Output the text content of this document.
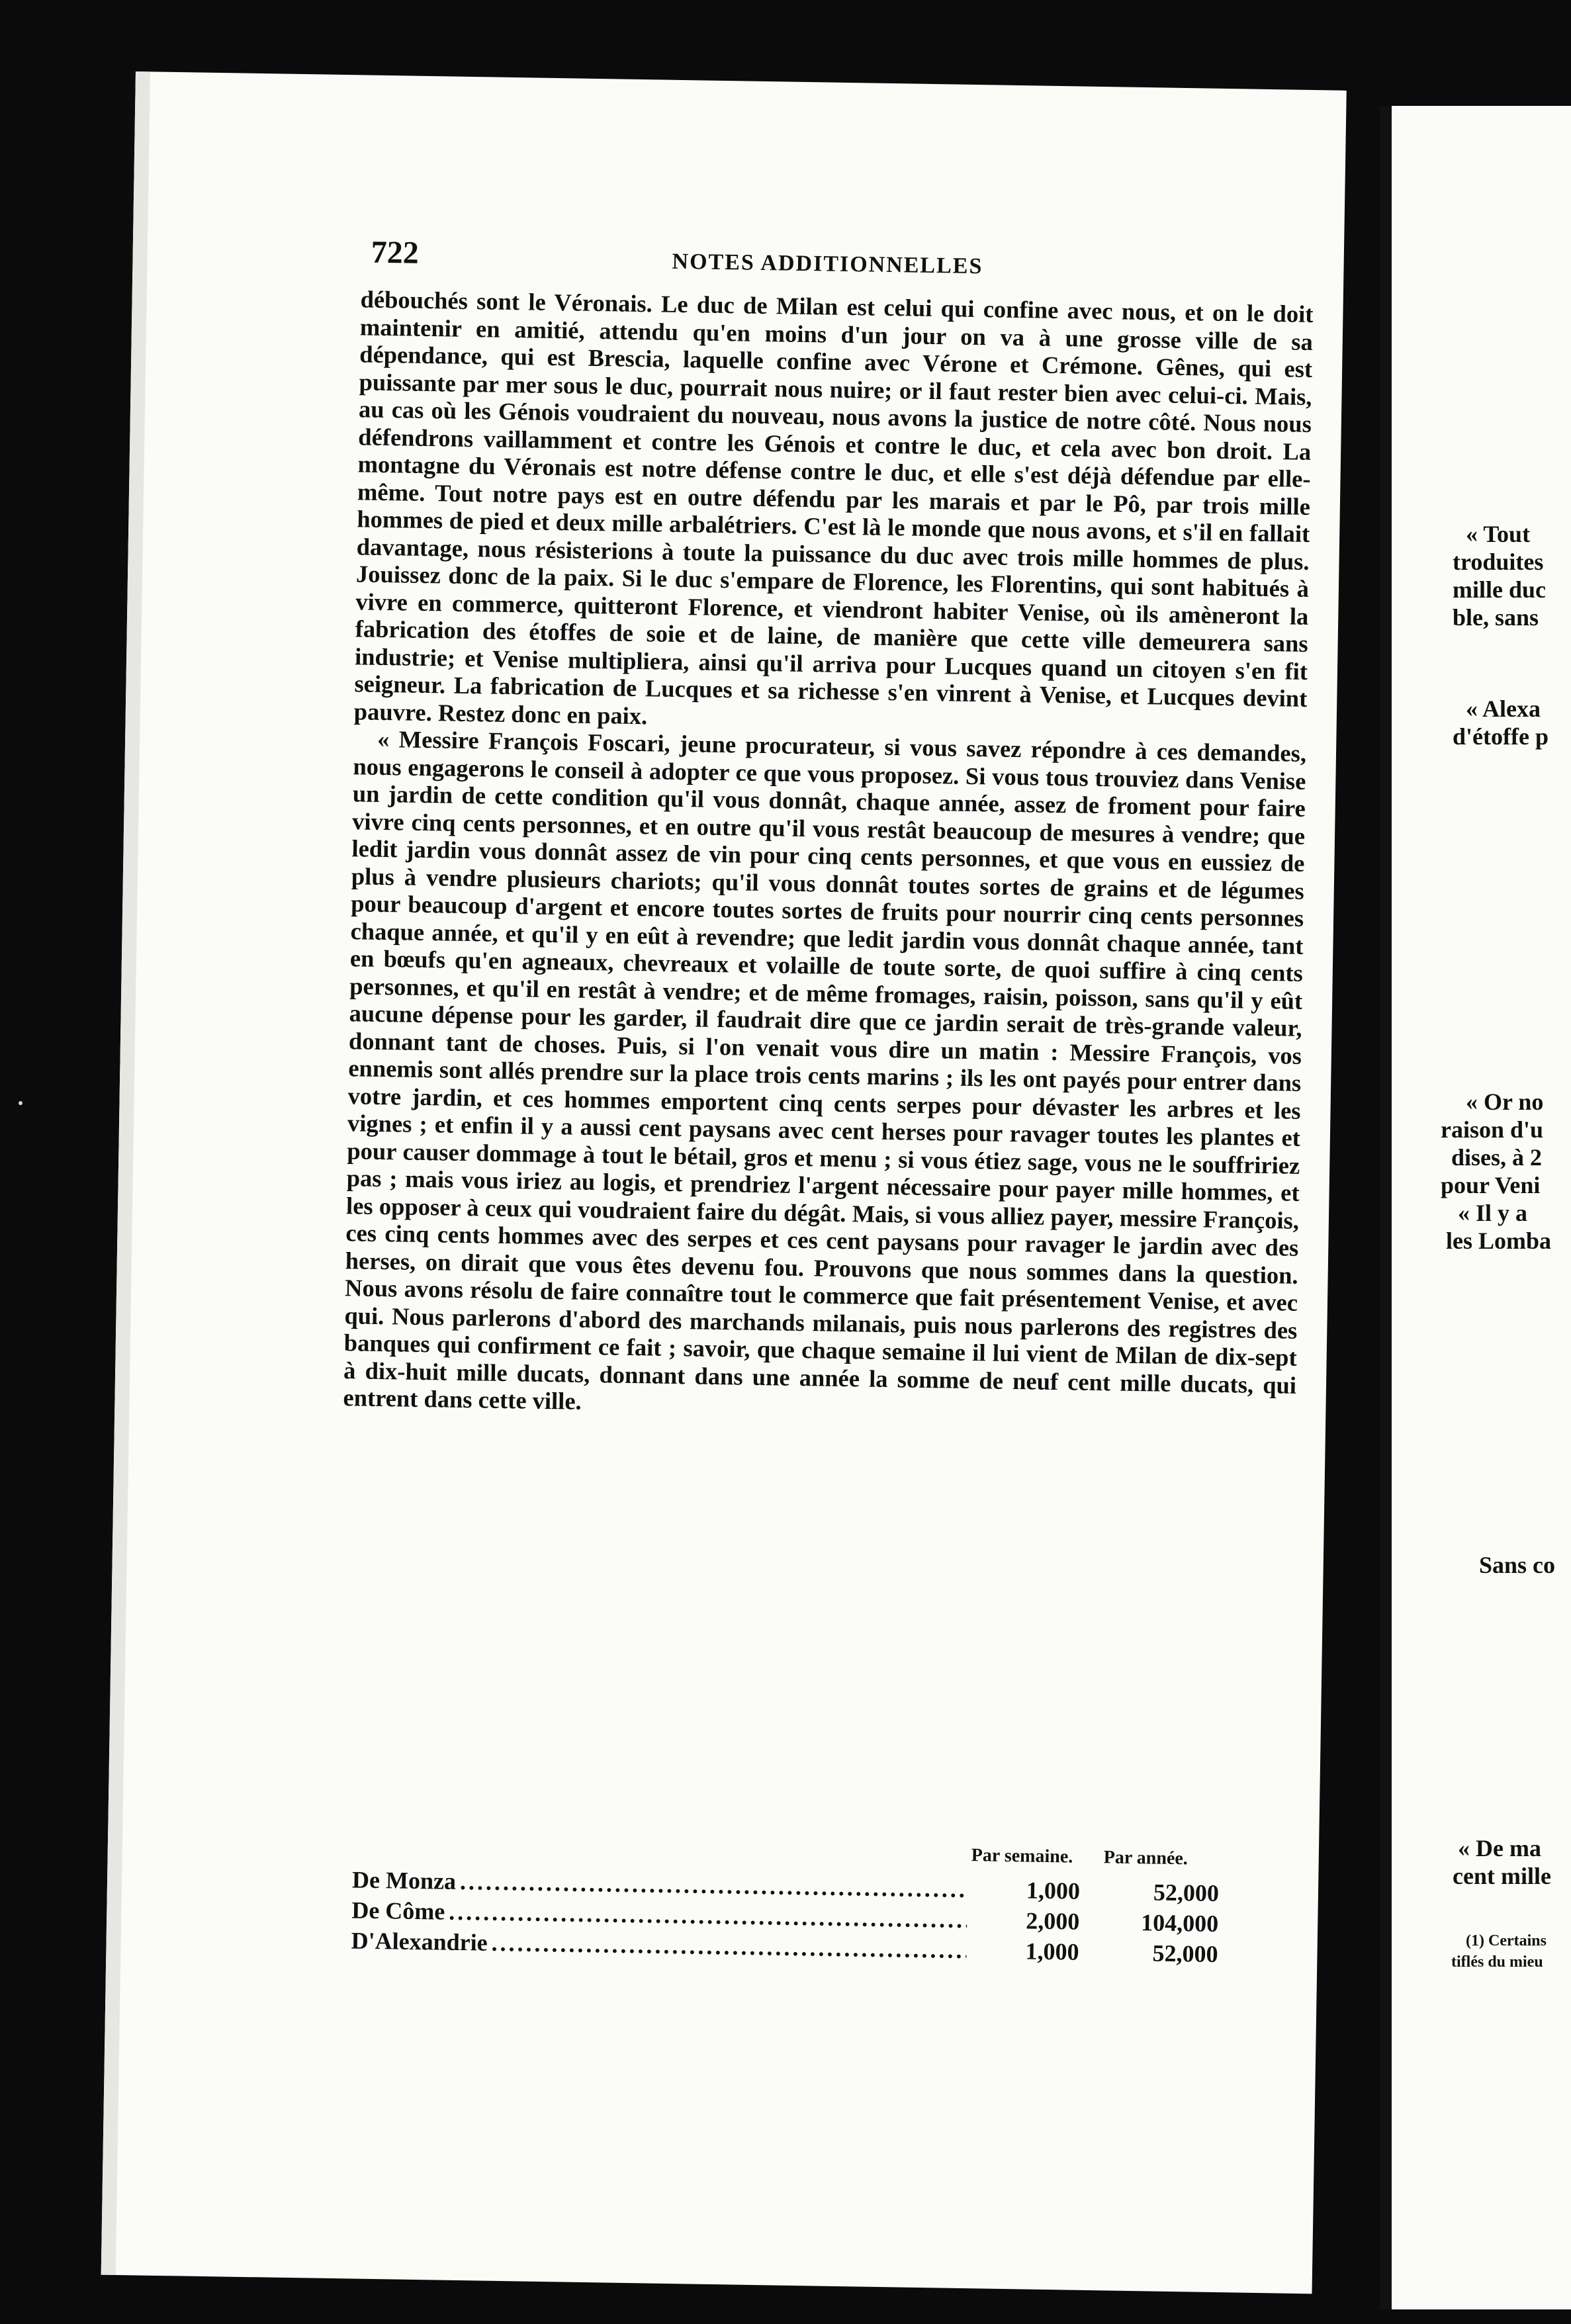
722	NOTES ADDITIONNELLES

débouchés sont le Véronais. Le duc de Milan est celui qui confine avec nous, et on le doit maintenir en amitié, attendu qu'en moins d'un jour on va à une grosse ville de sa dépendance, qui est Brescia, laquelle confine avec Vérone et Crémone. Gênes, qui est puissante par mer sous le duc, pourrait nous nuire; or il faut rester bien avec celui-ci. Mais, au cas où les Génois voudraient du nouveau, nous avons la justice de notre côté. Nous nous défendrons vaillamment et contre les Génois et contre le duc, et cela avec bon droit. La montagne du Véronais est notre défense contre le duc, et elle s'est déjà défendue par elle-même. Tout notre pays est en outre défendu par les marais et par le Pô, par trois mille hommes de pied et deux mille arbalétriers. C'est là le monde que nous avons, et s'il en fallait davantage, nous résisterions à toute la puissance du duc avec trois mille hommes de plus. Jouissez donc de la paix. Si le duc s'empare de Florence, les Florentins, qui sont habitués à vivre en commerce, quitteront Florence, et viendront habiter Venise, où ils amèneront la fabrication des étoffes de soie et de laine, de manière que cette ville demeurera sans industrie; et Venise multipliera, ainsi qu'il arriva pour Lucques quand un citoyen s'en fit seigneur. La fabrication de Lucques et sa richesse s'en vinrent à Venise, et Lucques devint pauvre. Restez donc en paix.

« Messire François Foscari, jeune procurateur, si vous savez répondre à ces demandes, nous engagerons le conseil à adopter ce que vous proposez. Si vous tous trouviez dans Venise un jardin de cette condition qu'il vous donnât, chaque année, assez de froment pour faire vivre cinq cents personnes, et en outre qu'il vous restât beaucoup de mesures à vendre; que ledit jardin vous donnât assez de vin pour cinq cents personnes, et que vous en eussiez de plus à vendre plusieurs chariots; qu'il vous donnât toutes sortes de grains et de légumes pour beaucoup d'argent et encore toutes sortes de fruits pour nourrir cinq cents personnes chaque année, et qu'il y en eût à revendre; que ledit jardin vous donnât chaque année, tant en bœufs qu'en agneaux, chevreaux et volaille de toute sorte, de quoi suffire à cinq cents personnes, et qu'il en restât à vendre; et de même fromages, raisin, poisson, sans qu'il y eût aucune dépense pour les garder, il faudrait dire que ce jardin serait de très-grande valeur, donnant tant de choses. Puis, si l'on venait vous dire un matin : Messire François, vos ennemis sont allés prendre sur la place trois cents marins ; ils les ont payés pour entrer dans votre jardin, et ces hommes emportent cinq cents serpes pour dévaster les arbres et les vignes ; et enfin il y a aussi cent paysans avec cent herses pour ravager toutes les plantes et pour causer dommage à tout le bétail, gros et menu ; si vous étiez sage, vous ne le souffririez pas ; mais vous iriez au logis, et prendriez l'argent nécessaire pour payer mille hommes, et les opposer à ceux qui voudraient faire du dégât. Mais, si vous alliez payer, messire François, ces cinq cents hommes avec des serpes et ces cent paysans pour ravager le jardin avec des herses, on dirait que vous êtes devenu fou. Prouvons que nous sommes dans la question. Nous avons résolu de faire connaître tout le commerce que fait présentement Venise, et avec qui. Nous parlerons d'abord des marchands milanais, puis nous parlerons des registres des banques qui confirment ce fait ; savoir, que chaque semaine il lui vient de Milan de dix-sept à dix-huit mille ducats, donnant dans une année la somme de neuf cent mille ducats, qui entrent dans cette ville.

Par semaine. Par année.
De Monza .....	1,000	52,000
De Côme .....	2,000	104,000
D'Alexandrie .....	1,000	52,000
« Tout
troduites
mille duc
ble, sans
« Alexa
d'étoffe p
« Or no
raison d'u
dises, à 2
pour Veni
« Il y a
les Lomba
Sans co
« De ma
cent mille
(1) Certains
tiflés du mieu
